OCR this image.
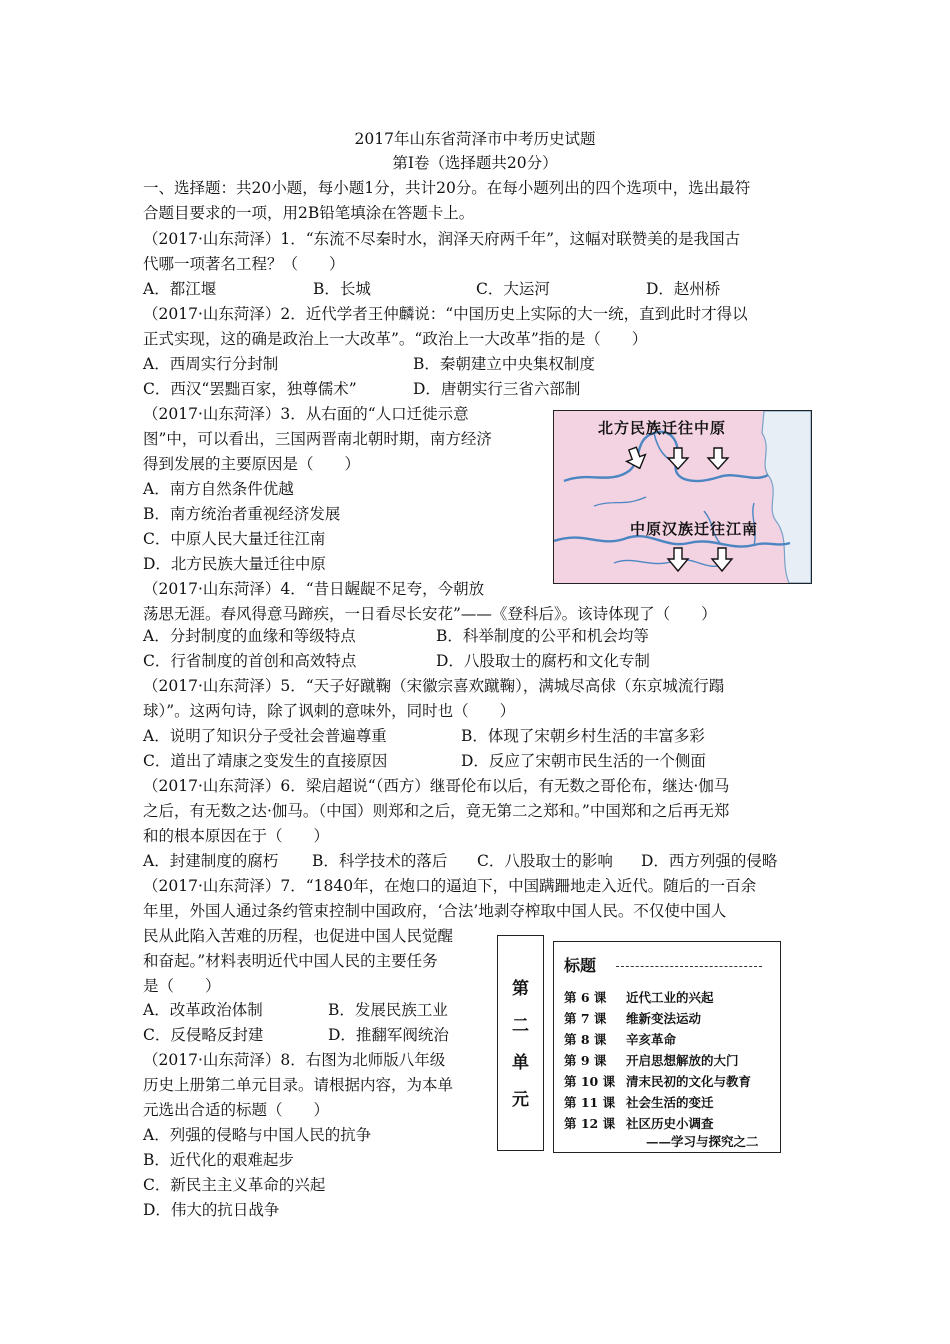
2017年山东省菏泽市中考历史试题
第Ⅰ卷（选择题共20分）
一、选择题：共20小题，每小题1分，共计20分。在每小题列出的四个选项中，选出最符
合题目要求的一项，用2B铅笔填涂在答题卡上。
（2017·山东菏泽）1．“东流不尽秦时水，润泽天府两千年”，这幅对联赞美的是我国古
代哪一项著名工程？（　　）
A．都江堰	B．长城	C．大运河	D．赵州桥
（2017·山东菏泽）2．近代学者王仲麟说：“中国历史上实际的大一统，直到此时才得以
正式实现，这的确是政治上一大改革”。“政治上一大改革”指的是（　　）
A．西周实行分封制	B．秦朝建立中央集权制度
C．西汉“罢黜百家，独尊儒术”	D．唐朝实行三省六部制
（2017·山东菏泽）3．从右面的“人口迁徙示意
图”中，可以看出，三国两晋南北朝时期，南方经济
得到发展的主要原因是（　　）
A．南方自然条件优越
B．南方统治者重视经济发展
C．中原人民大量迁往江南
D．北方民族大量迁往中原
北方民族迁往中原
中原汉族迁往江南
（2017·山东菏泽）4．“昔日龌龊不足夸，今朝放
荡思无涯。春风得意马蹄疾，一日看尽长安花”——《登科后》。该诗体现了（　　）
A．分封制度的血缘和等级特点	B．科举制度的公平和机会均等
C．行省制度的首创和高效特点	D．八股取士的腐朽和文化专制
（2017·山东菏泽）5．“天子好蹴鞠（宋徽宗喜欢蹴鞠），满城尽高俅（东京城流行蹋
球）”。这两句诗，除了讽刺的意味外，同时也（　　）
A．说明了知识分子受社会普遍尊重	B．体现了宋朝乡村生活的丰富多彩
C．道出了靖康之变发生的直接原因	D．反应了宋朝市民生活的一个侧面
（2017·山东菏泽）6．梁启超说“（西方）继哥伦布以后，有无数之哥伦布，继达·伽马
之后，有无数之达·伽马。（中国）则郑和之后，竟无第二之郑和。”中国郑和之后再无郑
和的根本原因在于（　　）
A．封建制度的腐朽 B．科学技术的落后 C．八股取士的影响 D．西方列强的侵略
（2017·山东菏泽）7．“1840年，在炮口的逼迫下，中国蹒跚地走入近代。随后的一百余
年里，外国人通过条约管束控制中国政府，‘合法’地剥夺榨取中国人民。不仅使中国人
民从此陷入苦难的历程，也促进中国人民觉醒
和奋起。”材料表明近代中国人民的主要任务
是（　　）
A．改革政治体制	B．发展民族工业
C．反侵略反封建	D．推翻军阀统治
（2017·山东菏泽）8．右图为北师版八年级
历史上册第二单元目录。请根据内容，为本单
元选出合适的标题（　　）
A．列强的侵略与中国人民的抗争
B．近代化的艰难起步
C．新民主主义革命的兴起
D．伟大的抗日战争
第
二
单
元
标题
第 6 课 近代工业的兴起
第 7 课 维新变法运动
第 8 课 辛亥革命
第 9 课 开启思想解放的大门
第 10 课 清末民初的文化与教育
第 11 课 社会生活的变迁
第 12 课 社区历史小调查
——学习与探究之二
